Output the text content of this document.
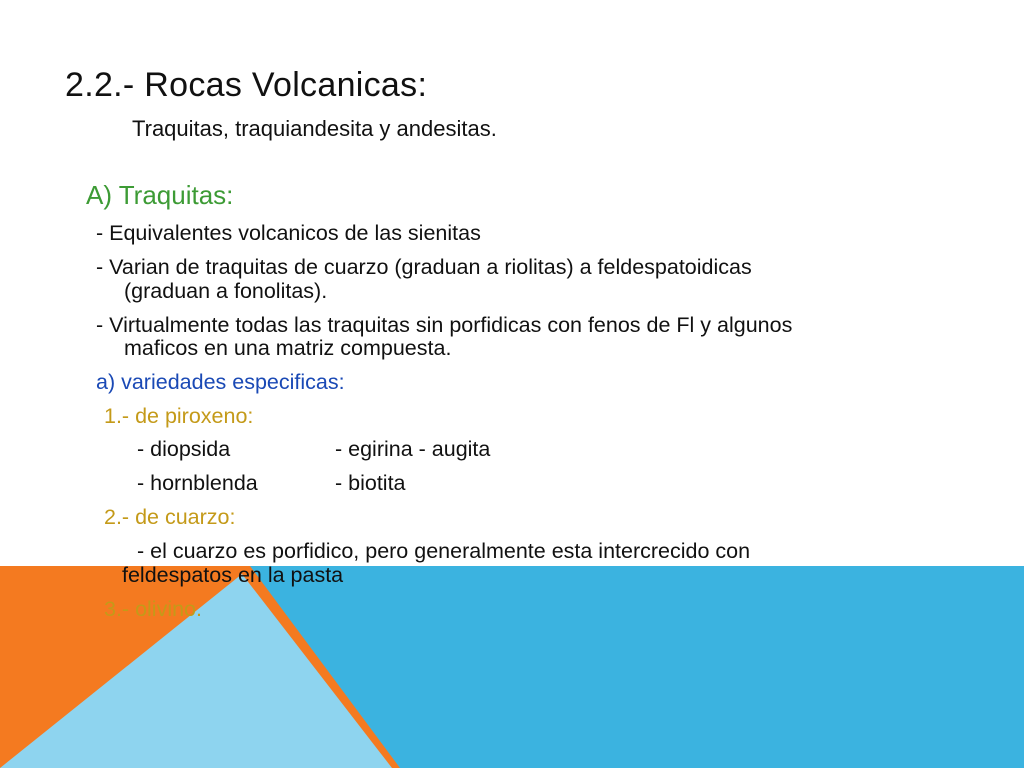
2.2.- Rocas Volcanicas:
Traquitas, traquiandesita y andesitas.
A) Traquitas:
- Equivalentes volcanicos de las sienitas
- Varian de traquitas de cuarzo (graduan a riolitas) a feldespatoidicas
(graduan a fonolitas).
- Virtualmente todas las traquitas sin porfidicas con fenos de Fl y algunos
maficos en una matriz compuesta.
a) variedades especificas:
1.- de piroxeno:
- diopsida	- egirina - augita
- hornblenda	- biotita
2.- de cuarzo:
- el cuarzo es porfidico, pero generalmente esta intercrecido con
feldespatos en la pasta
3.- olivino.
